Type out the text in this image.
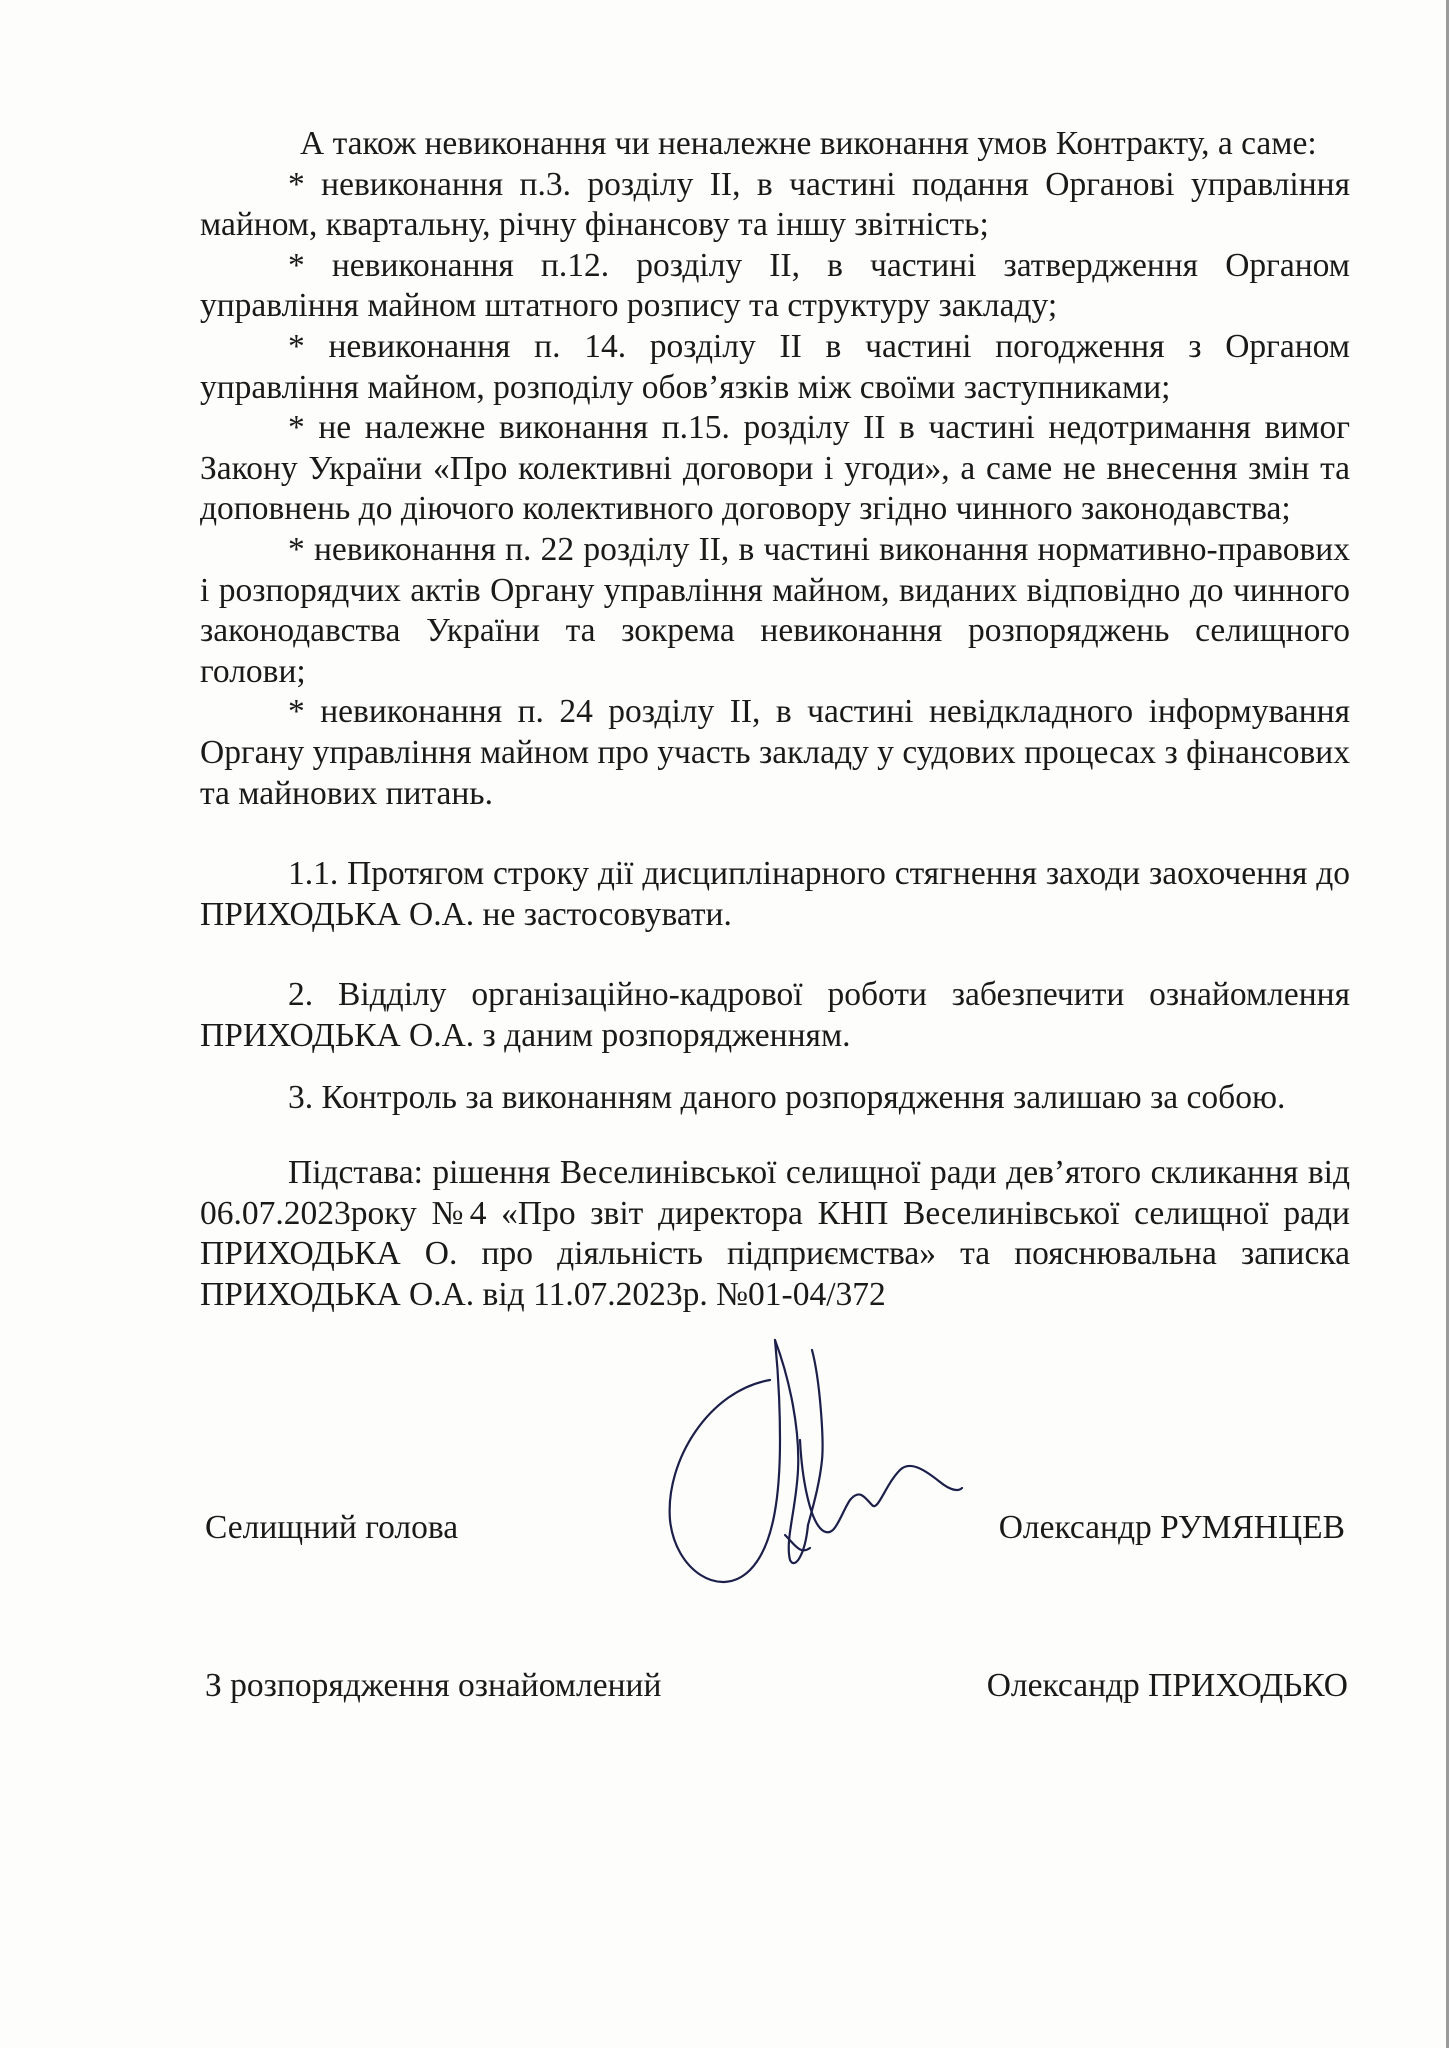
А також невиконання чи неналежне виконання умов Контракту, а саме:

* невиконання п.3. розділу II, в частині подання Органові управління майном, квартальну, річну фінансову та іншу звітність;

* невиконання п.12. розділу II, в частині затвердження Органом управління майном штатного розпису та структуру закладу;

* невиконання п. 14. розділу II в частині погодження з Органом управління майном, розподілу обов’язків між своїми заступниками;

* не належне виконання п.15. розділу II в частині недотримання вимог Закону України «Про колективні договори і угоди», а саме не внесення змін та доповнень до діючого колективного договору згідно чинного законодавства;

* невиконання п. 22 розділу II, в частині виконання нормативно-правових і розпорядчих актів Органу управління майном, виданих відповідно до чинного законодавства України та зокрема невиконання розпоряджень селищного голови;

* невиконання п. 24 розділу II, в частині невідкладного інформування Органу управління майном про участь закладу у судових процесах з фінансових та майнових питань.

1.1. Протягом строку дії дисциплінарного стягнення заходи заохочення до ПРИХОДЬКА О.А. не застосовувати.

2. Відділу організаційно-кадрової роботи забезпечити ознайомлення ПРИХОДЬКА О.А. з даним розпорядженням.

3. Контроль за виконанням даного розпорядження залишаю за собою.

Підстава: рішення Веселинівської селищної ради дев’ятого скликання від 06.07.2023року №4 «Про звіт директора КНП Веселинівської селищної ради ПРИХОДЬКА О. про діяльність підприємства» та пояснювальна записка ПРИХОДЬКА О.А. від 11.07.2023р. №01-04/372

Селищний голова	Олександр РУМЯНЦЕВ
З розпорядження ознайомлений	Олександр ПРИХОДЬКО
